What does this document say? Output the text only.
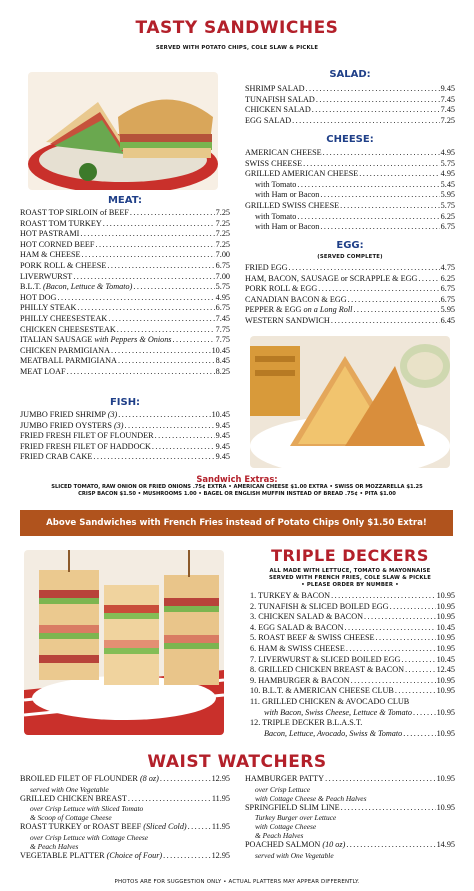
TASTY SANDWICHES
SERVED WITH POTATO CHIPS, COLE SLAW & PICKLE
MEAT:
ROAST TOP SIRLOIN of BEEF . . .	7.25
ROAST TOM TURKEY . . .	7.25
HOT PASTRAMI . . .	7.25
HOT CORNED BEEF . . .	7.25
HAM & CHEESE . . .	7.00
PORK ROLL & CHEESE . . .	6.75
LIVERWURST . . .	7.00
B.L.T. (Bacon, Lettuce & Tomato) . . .	5.75
HOT DOG . . .	4.95
PHILLY STEAK . . .	6.75
PHILLY CHEESESTEAK . . .	7.45
CHICKEN CHEESESTEAK . . .	7.75
ITALIAN SAUSAGE with Peppers & Onions . . .	7.75
CHICKEN PARMIGIANA . . .	10.45
MEATBALL PARMIGIANA . . .	8.45
MEAT LOAF . . .	8.25
FISH:
JUMBO FRIED SHRIMP (3) . . .	10.45
JUMBO FRIED OYSTERS (3) . . .	9.45
FRIED FRESH FILET OF FLOUNDER . . .	9.45
FRIED FRESH FILET OF HADDOCK . . .	9.45
FRIED CRAB CAKE . . .	9.45
SALAD:
SHRIMP SALAD . . .	9.45
TUNAFISH SALAD . . .	7.45
CHICKEN SALAD . . .	7.45
EGG SALAD . . .	7.25
CHEESE:
AMERICAN CHEESE . . .	4.95
SWISS CHEESE . . .	5.75
GRILLED AMERICAN CHEESE . . .	4.95
with Tomato . . .	5.45
with Ham or Bacon . . .	5.95
GRILLED SWISS CHEESE . . .	5.75
with Tomato . . .	6.25
with Ham or Bacon . . .	6.75
EGG:
(SERVED COMPLETE)
FRIED EGG . . .	4.75
HAM, BACON, SAUSAGE or SCRAPPLE & EGG . . .	6.25
PORK ROLL & EGG . . .	6.75
CANADIAN BACON & EGG . . .	6.75
PEPPER & EGG on a Long Roll . . .	5.95
WESTERN SANDWICH . . .	6.45
Sandwich Extras:
SLICED TOMATO, RAW ONION OR FRIED ONIONS .75¢ EXTRA • AMERICAN CHEESE $1.00 EXTRA • SWISS OR MOZZARELLA $1.25
CRISP BACON $1.50 • MUSHROOMS 1.00 • BAGEL OR ENGLISH MUFFIN INSTEAD OF BREAD .75¢ • PITA $1.00
Above Sandwiches with French Fries instead of Potato Chips Only $1.50 Extra!
TRIPLE DECKERS
ALL MADE WITH LETTUCE, TOMATO & MAYONNAISE
SERVED WITH FRENCH FRIES, COLE SLAW & PICKLE
• PLEASE ORDER BY NUMBER •
1. TURKEY & BACON . . .	10.95
2. TUNAFISH & SLICED BOILED EGG . . .	10.95
3. CHICKEN SALAD & BACON . . .	10.95
4. EGG SALAD & BACON . . .	10.45
5. ROAST BEEF & SWISS CHEESE . . .	10.95
6. HAM & SWISS CHEESE . . .	10.95
7. LIVERWURST & SLICED BOILED EGG . . .	10.45
8. GRILLED CHICKEN BREAST & BACON . . .	12.45
9. HAMBURGER & BACON . . .	10.95
10. B.L.T. & AMERICAN CHEESE CLUB . . .	10.95
11. GRILLED CHICKEN & AVOCADO CLUB
with Bacon, Swiss Cheese, Lettuce & Tomato . . .	10.95
12. TRIPLE DECKER B.L.A.S.T.
Bacon, Lettuce, Avocado, Swiss & Tomato . . .	10.95
WAIST WATCHERS
BROILED FILET OF FLOUNDER (8 oz) . . .	12.95
served with One Vegetable
GRILLED CHICKEN BREAST . . .	11.95
over Crisp Lettuce with Sliced Tomato
& Scoop of Cottage Cheese
ROAST TURKEY or ROAST BEEF (Sliced Cold) . . .	11.95
over Crisp Lettuce with Cottage Cheese
& Peach Halves
VEGETABLE PLATTER (Choice of Four) . . .	12.95
HAMBURGER PATTY . . .	10.95
over Crisp Lettuce
with Cottage Cheese & Peach Halves
SPRINGFIELD SLIM LINE . . .	10.95
Turkey Burger over Lettuce
with Cottage Cheese
& Peach Halves
POACHED SALMON (10 oz) . . .	14.95
served with One Vegetable
PHOTOS ARE FOR SUGGESTION ONLY • ACTUAL PLATTERS MAY APPEAR DIFFERENTLY.
